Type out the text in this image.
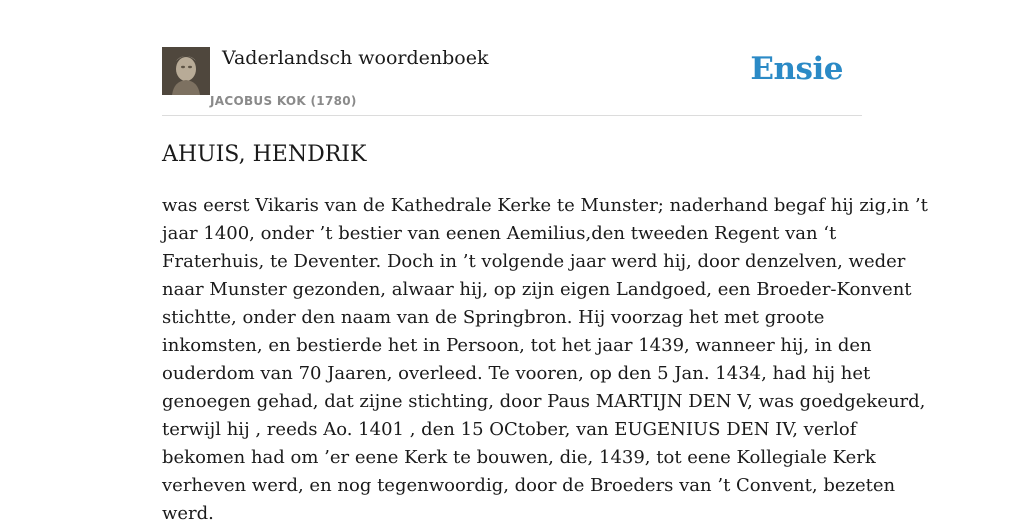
Vaderlandsch woordenboek
JACOBUS KOK (1780)
Ensie
AHUIS, HENDRIK

was eerst Vikaris van de Kathedrale Kerke te Munster; naderhand begaf hij zig,in ’t
jaar 1400, onder ’t bestier van eenen Aemilius,den tweeden Regent van ‘t
Fraterhuis, te Deventer. Doch in ’t volgende jaar werd hij, door denzelven, weder
naar Munster gezonden, alwaar hij, op zijn eigen Landgoed, een Broeder-Konvent
stichtte, onder den naam van de Springbron. Hij voorzag het met groote
inkomsten, en bestierde het in Persoon, tot het jaar 1439, wanneer hij, in den
ouderdom van 70 Jaaren, overleed. Te vooren, op den 5 Jan. 1434, had hij het
genoegen gehad, dat zijne stichting, door Paus MARTIJN DEN V, was goedgekeurd,
terwijl hij , reeds Ao. 1401 , den 15 OCtober, van EUGENIUS DEN IV, verlof
bekomen had om ’er eene Kerk te bouwen, die, 1439, tot eene Kollegiale Kerk
verheven werd, en nog tegenwoordig, door de Broeders van ’t Convent, bezeten
werd.
